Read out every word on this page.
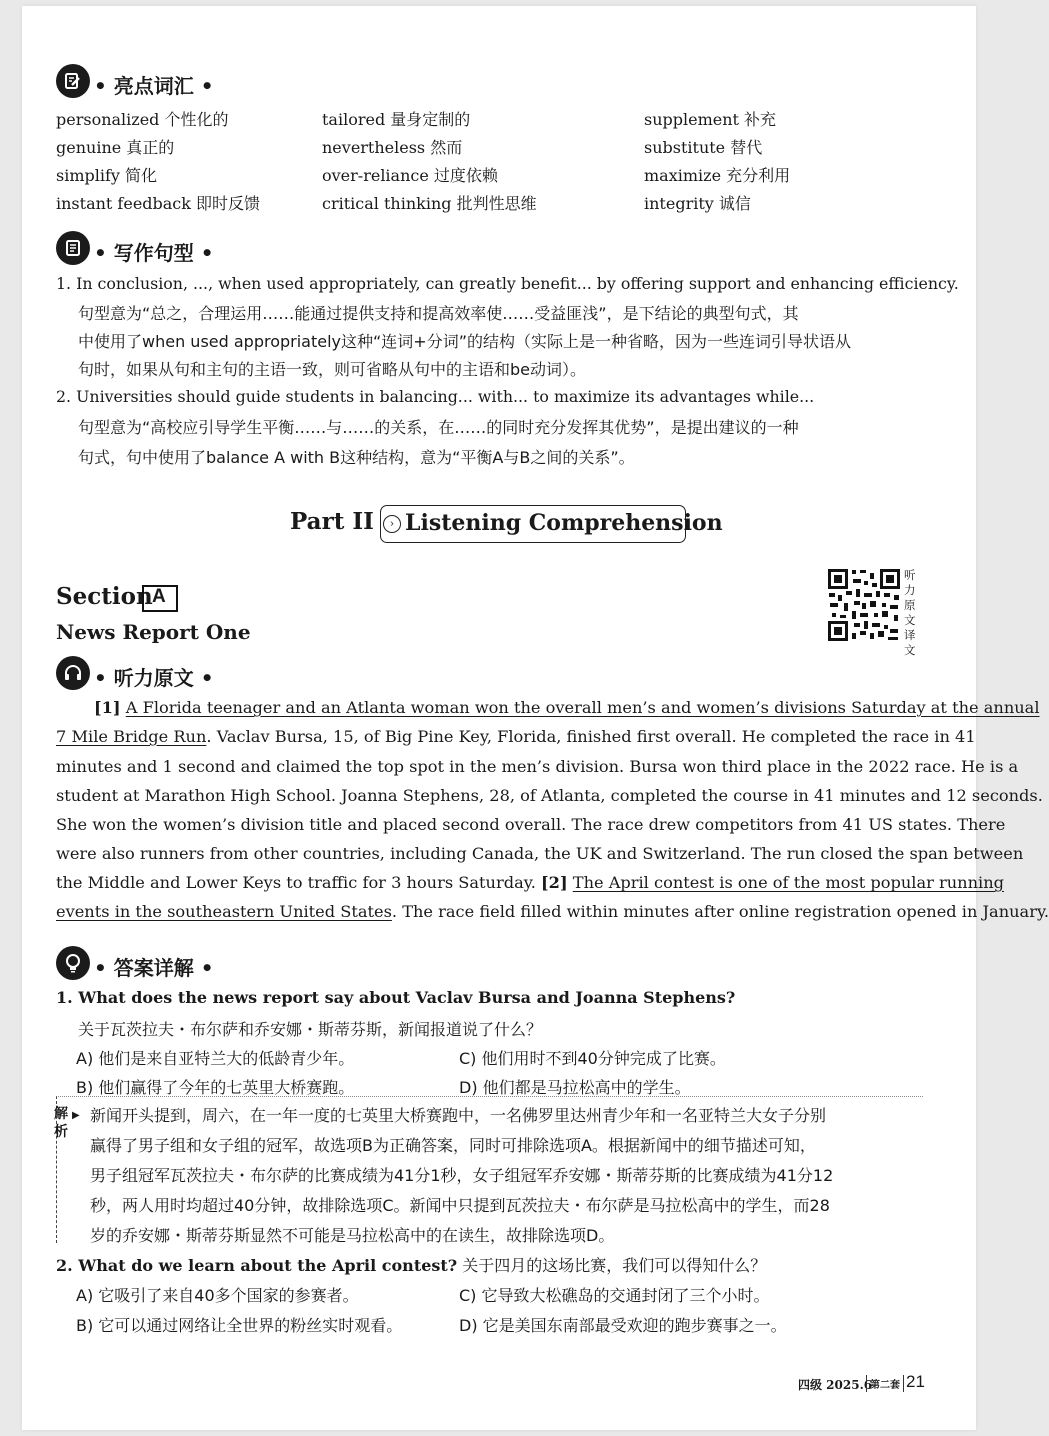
• 亮点词汇 •
personalized 个性化的	tailored 量身定制的	supplement 补充
genuine 真正的	nevertheless 然而	substitute 替代
simplify 简化	over-reliance 过度依赖	maximize 充分利用
instant feedback 即时反馈	critical thinking 批判性思维	integrity 诚信
• 写作句型 •
1. In conclusion, ..., when used appropriately, can greatly benefit... by offering support and enhancing efficiency.
句型意为“总之，合理运用……能通过提供支持和提高效率使……受益匪浅”，是下结论的典型句式，其
中使用了when used appropriately这种“连词+分词”的结构（实际上是一种省略，因为一些连词引导状语从
句时，如果从句和主句的主语一致，则可省略从句中的主语和be动词）。
2. Universities should guide students in balancing... with... to maximize its advantages while...
句型意为“高校应引导学生平衡……与……的关系，在……的同时充分发挥其优势”，是提出建议的一种
句式，句中使用了balance A with B这种结构，意为“平衡A与B之间的关系”。
Part II	› Listening Comprehension
Section A
News Report One
听力原文译文
• 听力原文 •
[1] A Florida teenager and an Atlanta woman won the overall men’s and women’s divisions Saturday at the annual
7 Mile Bridge Run. Vaclav Bursa, 15, of Big Pine Key, Florida, finished first overall. He completed the race in 41
minutes and 1 second and claimed the top spot in the men’s division. Bursa won third place in the 2022 race. He is a
student at Marathon High School. Joanna Stephens, 28, of Atlanta, completed the course in 41 minutes and 12 seconds.
She won the women’s division title and placed second overall. The race drew competitors from 41 US states. There
were also runners from other countries, including Canada, the UK and Switzerland. The run closed the span between
the Middle and Lower Keys to traffic for 3 hours Saturday. [2] The April contest is one of the most popular running
events in the southeastern United States. The race field filled within minutes after online registration opened in January.
• 答案详解 •
1. What does the news report say about Vaclav Bursa and Joanna Stephens?
关于瓦茨拉夫・布尔萨和乔安娜・斯蒂芬斯，新闻报道说了什么？
A) 他们是来自亚特兰大的低龄青少年。	C) 他们用时不到40分钟完成了比赛。
B) 他们赢得了今年的七英里大桥赛跑。	D) 他们都是马拉松高中的学生。
解析
▶ 新闻开头提到，周六，在一年一度的七英里大桥赛跑中，一名佛罗里达州青少年和一名亚特兰大女子分别
赢得了男子组和女子组的冠军，故选项B为正确答案，同时可排除选项A。根据新闻中的细节描述可知，
男子组冠军瓦茨拉夫・布尔萨的比赛成绩为41分1秒，女子组冠军乔安娜・斯蒂芬斯的比赛成绩为41分12
秒，两人用时均超过40分钟，故排除选项C。新闻中只提到瓦茨拉夫・布尔萨是马拉松高中的学生，而28
岁的乔安娜・斯蒂芬斯显然不可能是马拉松高中的在读生，故排除选项D。
2. What do we learn about the April contest? 关于四月的这场比赛，我们可以得知什么？
A) 它吸引了来自40多个国家的参赛者。	C) 它导致大松礁岛的交通封闭了三个小时。
B) 它可以通过网络让全世界的粉丝实时观看。	D) 它是美国东南部最受欢迎的跑步赛事之一。
四级 2025.6
第二套 21
